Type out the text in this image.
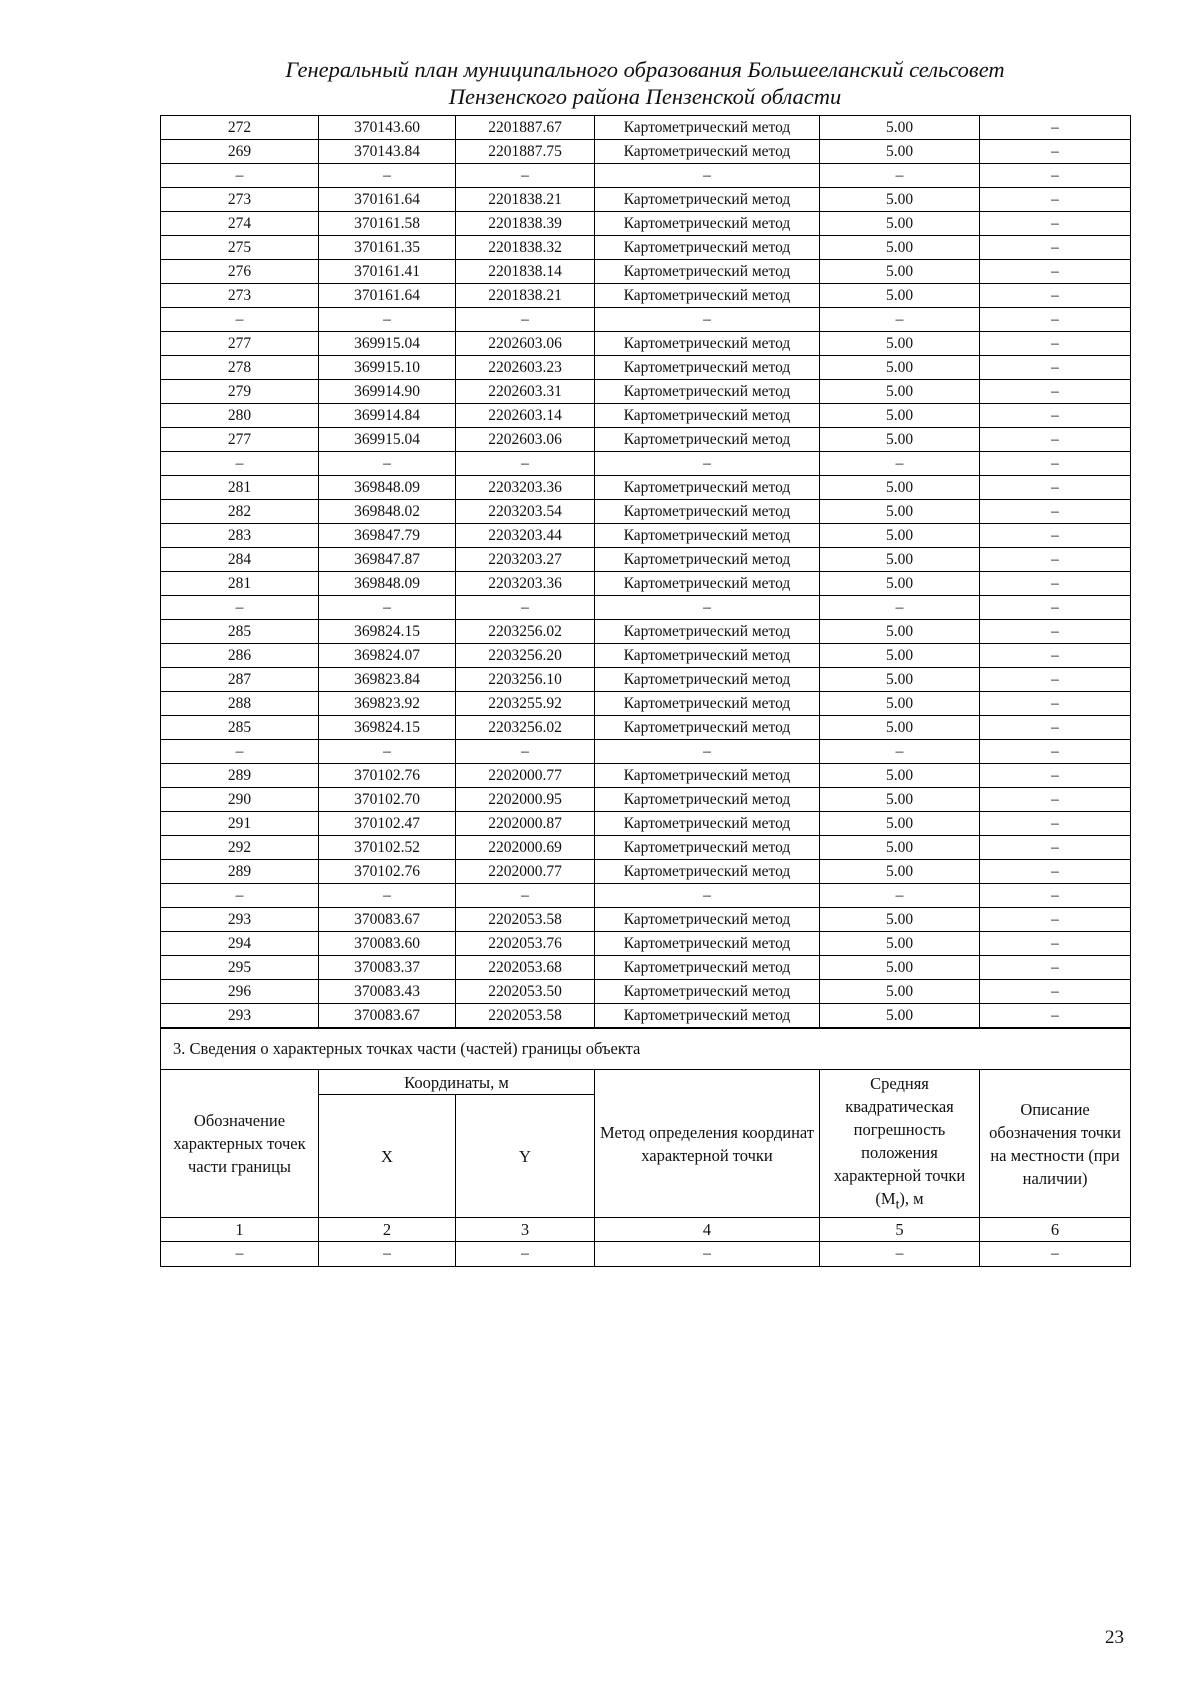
Генеральный план муниципального образования Большееланский сельсовет
Пензенского района Пензенской области
272	370143.60	2201887.67	Картометрический метод	5.00	–
269	370143.84	2201887.75	Картометрический метод	5.00	–
–	–	–	–	–	–
273	370161.64	2201838.21	Картометрический метод	5.00	–
274	370161.58	2201838.39	Картометрический метод	5.00	–
275	370161.35	2201838.32	Картометрический метод	5.00	–
276	370161.41	2201838.14	Картометрический метод	5.00	–
273	370161.64	2201838.21	Картометрический метод	5.00	–
–	–	–	–	–	–
277	369915.04	2202603.06	Картометрический метод	5.00	–
278	369915.10	2202603.23	Картометрический метод	5.00	–
279	369914.90	2202603.31	Картометрический метод	5.00	–
280	369914.84	2202603.14	Картометрический метод	5.00	–
277	369915.04	2202603.06	Картометрический метод	5.00	–
–	–	–	–	–	–
281	369848.09	2203203.36	Картометрический метод	5.00	–
282	369848.02	2203203.54	Картометрический метод	5.00	–
283	369847.79	2203203.44	Картометрический метод	5.00	–
284	369847.87	2203203.27	Картометрический метод	5.00	–
281	369848.09	2203203.36	Картометрический метод	5.00	–
–	–	–	–	–	–
285	369824.15	2203256.02	Картометрический метод	5.00	–
286	369824.07	2203256.20	Картометрический метод	5.00	–
287	369823.84	2203256.10	Картометрический метод	5.00	–
288	369823.92	2203255.92	Картометрический метод	5.00	–
285	369824.15	2203256.02	Картометрический метод	5.00	–
–	–	–	–	–	–
289	370102.76	2202000.77	Картометрический метод	5.00	–
290	370102.70	2202000.95	Картометрический метод	5.00	–
291	370102.47	2202000.87	Картометрический метод	5.00	–
292	370102.52	2202000.69	Картометрический метод	5.00	–
289	370102.76	2202000.77	Картометрический метод	5.00	–
–	–	–	–	–	–
293	370083.67	2202053.58	Картометрический метод	5.00	–
294	370083.60	2202053.76	Картометрический метод	5.00	–
295	370083.37	2202053.68	Картометрический метод	5.00	–
296	370083.43	2202053.50	Картометрический метод	5.00	–
293	370083.67	2202053.58	Картометрический метод	5.00	–
3. Сведения о характерных точках части (частей) границы объекта					
Обозначение характерных точек части границы	Координаты, м		Метод определения координат характерной точки	Средняя квадратическая погрешность положения характерной точки $(M_t)$, м	Описание обозначения точки на местности (при наличии)
	X	Y			
1	2	3	4	5	6
–	–	–	–	–	–
23
